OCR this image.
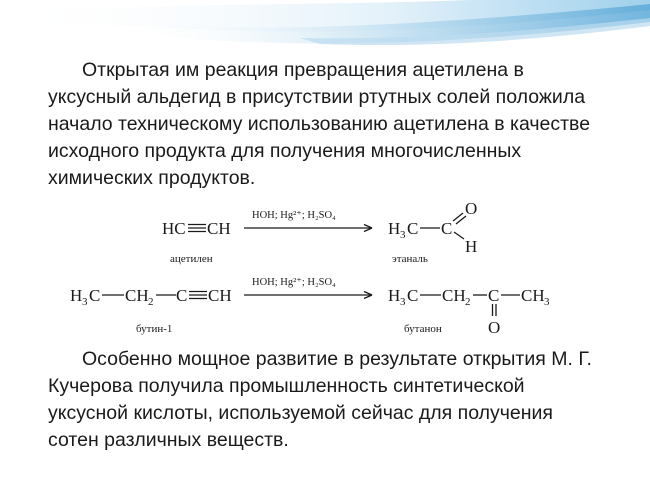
Открытая им реакция превращения ацетилена в уксусный альдегид в присутствии ртутных солей положила начало техническому использованию ацетилена в качестве исходного продукта для получения многочисленных химических продуктов.

HC CH
ацетилен
HOH; Hg²⁺; H₂SO₄
H 3 C C
O
H
этаналь
H 3 C CH 2 C CH
бутин-1
HOH; Hg²⁺; H₂SO₄
H 3 C CH 2 C
O
CH 3
бутанон

Особенно мощное развитие в результате открытия М. Г. Кучерова получила промышленность синтетической уксусной кислоты, используемой сейчас для получения сотен различных веществ.
